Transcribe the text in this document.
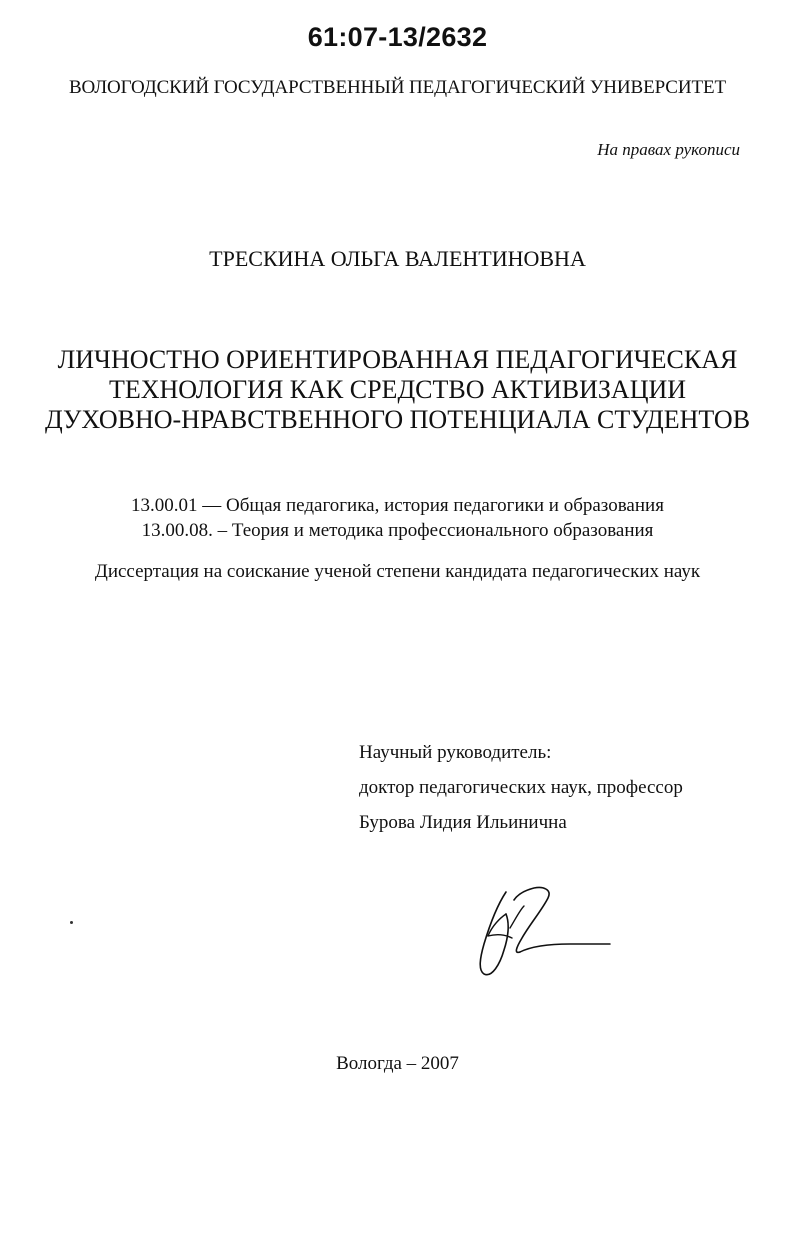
61:07-13/2632
ВОЛОГОДСКИЙ ГОСУДАРСТВЕННЫЙ ПЕДАГОГИЧЕСКИЙ УНИВЕРСИТЕТ
На правах рукописи
ТРЕСКИНА ОЛЬГА ВАЛЕНТИНОВНА
ЛИЧНОСТНО ОРИЕНТИРОВАННАЯ ПЕДАГОГИЧЕСКАЯ
ТЕХНОЛОГИЯ КАК СРЕДСТВО АКТИВИЗАЦИИ
ДУХОВНО-НРАВСТВЕННОГО ПОТЕНЦИАЛА СТУДЕНТОВ
13.00.01 — Общая педагогика, история педагогики и образования
13.00.08. – Теория и методика профессионального образования
Диссертация на соискание ученой степени кандидата педагогических наук
Научный руководитель:
доктор педагогических наук, профессор
Бурова Лидия Ильинична
Вологда – 2007
